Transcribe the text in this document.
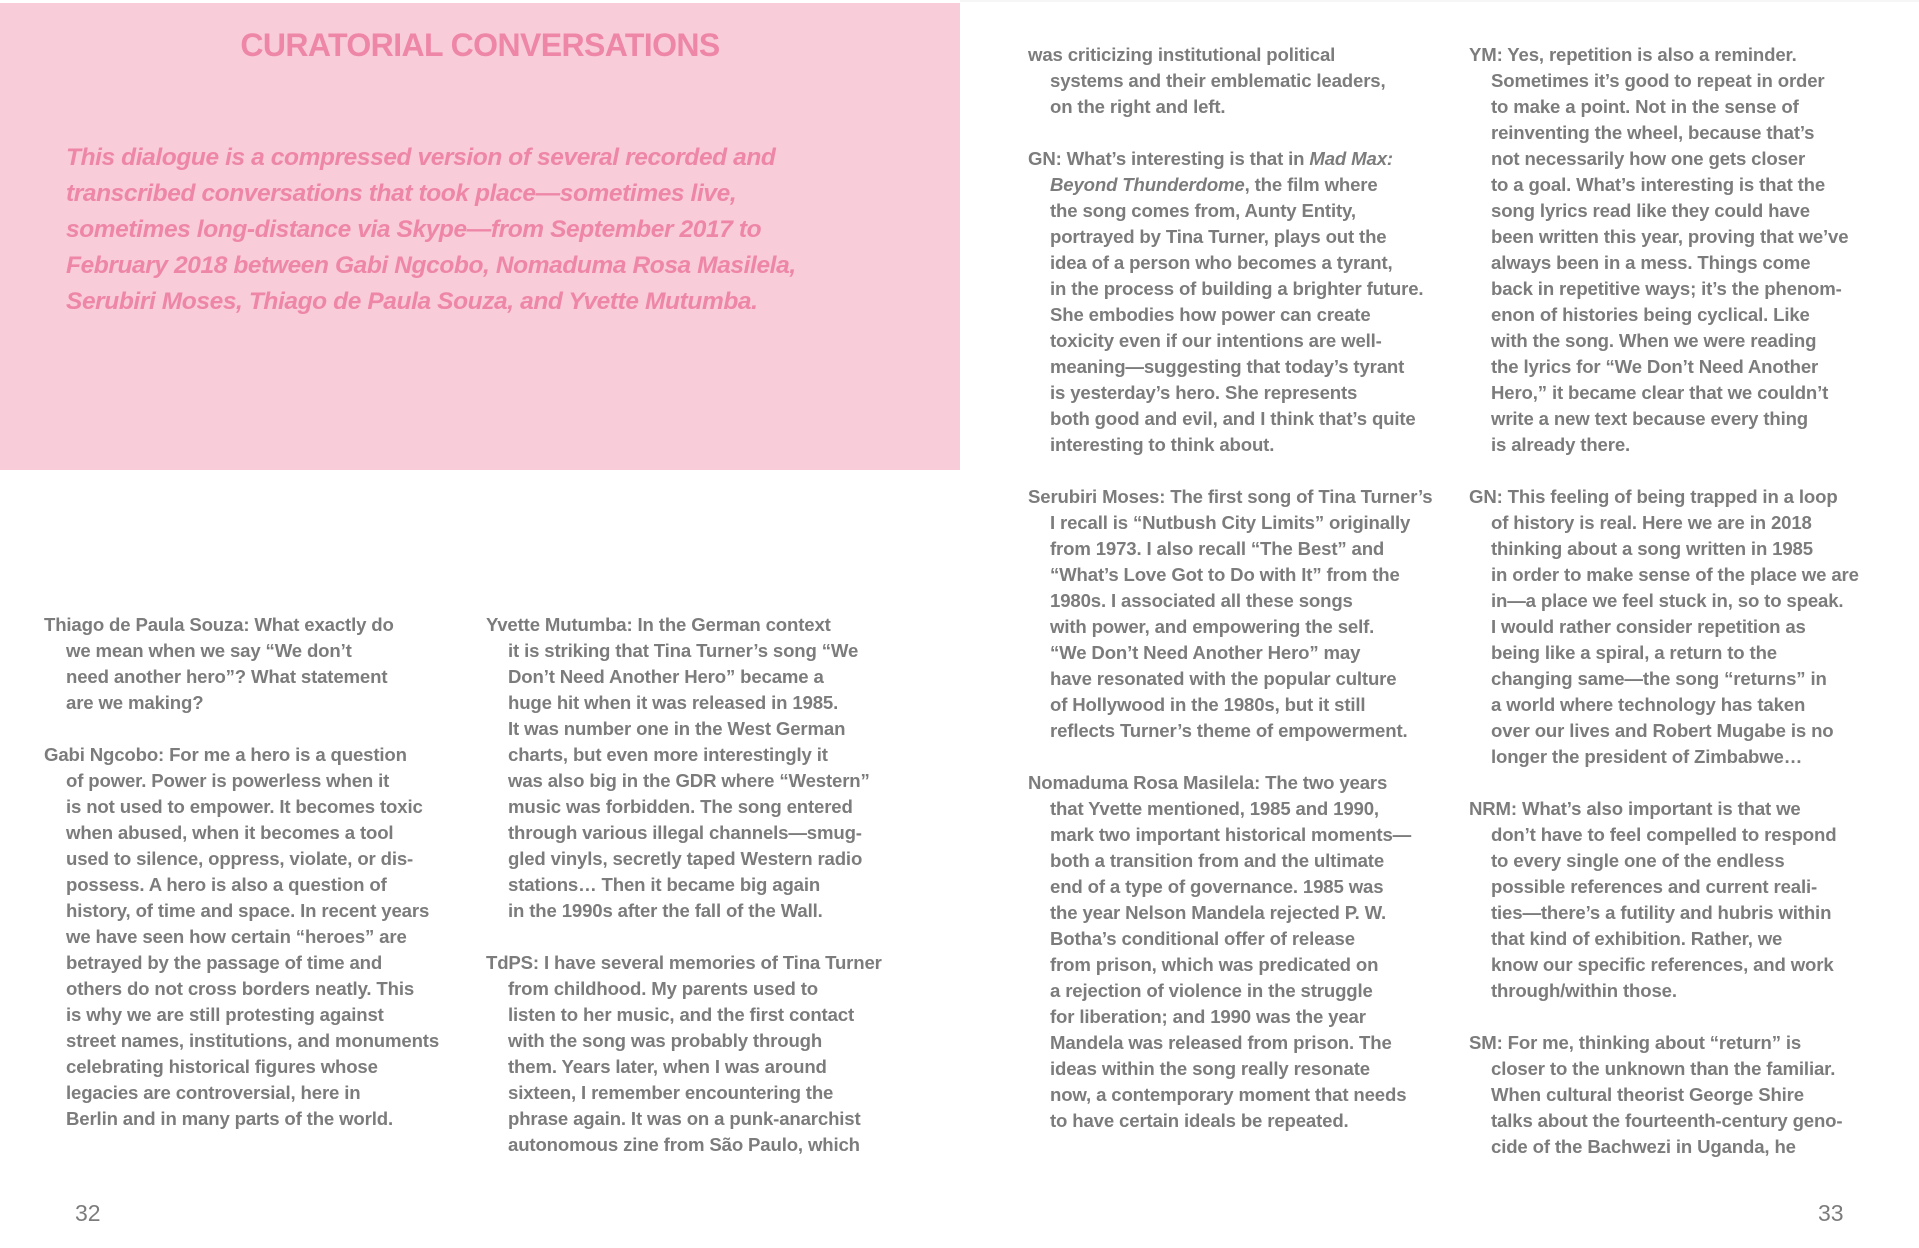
CURATORIAL CONVERSATIONS

This dialogue is a compressed version of several recorded and transcribed conversations that took place—sometimes live, sometimes long-distance via Skype—from September 2017 to February 2018 between Gabi Ngcobo, Nomaduma Rosa Masilela, Serubiri Moses, Thiago de Paula Souza, and Yvette Mutumba.

Thiago de Paula Souza: What exactly do
we mean when we say “We don’t
need another hero”? What statement
are we making?

Gabi Ngcobo: For me a hero is a question
of power. Power is powerless when it
is not used to empower. It becomes toxic
when abused, when it becomes a tool
used to silence, oppress, violate, or dis-
possess. A hero is also a question of
history, of time and space. In recent years
we have seen how certain “heroes” are
betrayed by the passage of time and
others do not cross borders neatly. This
is why we are still protesting against
street names, institutions, and monuments
celebrating historical figures whose
legacies are controversial, here in
Berlin and in many parts of the world.

Yvette Mutumba: In the German context
it is striking that Tina Turner’s song “We
Don’t Need Another Hero” became a
huge hit when it was released in 1985.
It was number one in the West German
charts, but even more interestingly it
was also big in the GDR where “Western”
music was forbidden. The song entered
through various illegal channels—smug-
gled vinyls, secretly taped Western radio
stations… Then it became big again
in the 1990s after the fall of the Wall.

TdPS: I have several memories of Tina Turner
from childhood. My parents used to
listen to her music, and the first contact
with the song was probably through
them. Years later, when I was around
sixteen, I remember encountering the
phrase again. It was on a punk-anarchist
autonomous zine from São Paulo, which

32

was criticizing institutional political
systems and their emblematic leaders,
on the right and left.

GN: What’s interesting is that in Mad Max:
Beyond Thunderdome, the film where
the song comes from, Aunty Entity,
portrayed by Tina Turner, plays out the
idea of a person who becomes a tyrant,
in the process of building a brighter future.
She embodies how power can create
toxicity even if our intentions are well-
meaning—suggesting that today’s tyrant
is yesterday’s hero. She represents
both good and evil, and I think that’s quite
interesting to think about.

Serubiri Moses: The first song of Tina Turner’s
I recall is “Nutbush City Limits” originally
from 1973. I also recall “The Best” and
“What’s Love Got to Do with It” from the
1980s. I associated all these songs
with power, and empowering the self.
“We Don’t Need Another Hero” may
have resonated with the popular culture
of Hollywood in the 1980s, but it still
reflects Turner’s theme of empowerment.

Nomaduma Rosa Masilela: The two years
that Yvette mentioned, 1985 and 1990,
mark two important historical moments—
both a transition from and the ultimate
end of a type of governance. 1985 was
the year Nelson Mandela rejected P. W.
Botha’s conditional offer of release
from prison, which was predicated on
a rejection of violence in the struggle
for liberation; and 1990 was the year
Mandela was released from prison. The
ideas within the song really resonate
now, a contemporary moment that needs
to have certain ideals be repeated.

YM: Yes, repetition is also a reminder.
Sometimes it’s good to repeat in order
to make a point. Not in the sense of
reinventing the wheel, because that’s
not necessarily how one gets closer
to a goal. What’s interesting is that the
song lyrics read like they could have
been written this year, proving that we’ve
always been in a mess. Things come
back in repetitive ways; it’s the phenom-
enon of histories being cyclical. Like
with the song. When we were reading
the lyrics for “We Don’t Need Another
Hero,” it became clear that we couldn’t
write a new text because every thing
is already there.

GN: This feeling of being trapped in a loop
of history is real. Here we are in 2018
thinking about a song written in 1985
in order to make sense of the place we are
in—a place we feel stuck in, so to speak.
I would rather consider repetition as
being like a spiral, a return to the
changing same—the song “returns” in
a world where technology has taken
over our lives and Robert Mugabe is no
longer the president of Zimbabwe…

NRM: What’s also important is that we
don’t have to feel compelled to respond
to every single one of the endless
possible references and current reali-
ties—there’s a futility and hubris within
that kind of exhibition. Rather, we
know our specific references, and work
through/within those.

SM: For me, thinking about “return” is
closer to the unknown than the familiar.
When cultural theorist George Shire
talks about the fourteenth-century geno-
cide of the Bachwezi in Uganda, he

33
